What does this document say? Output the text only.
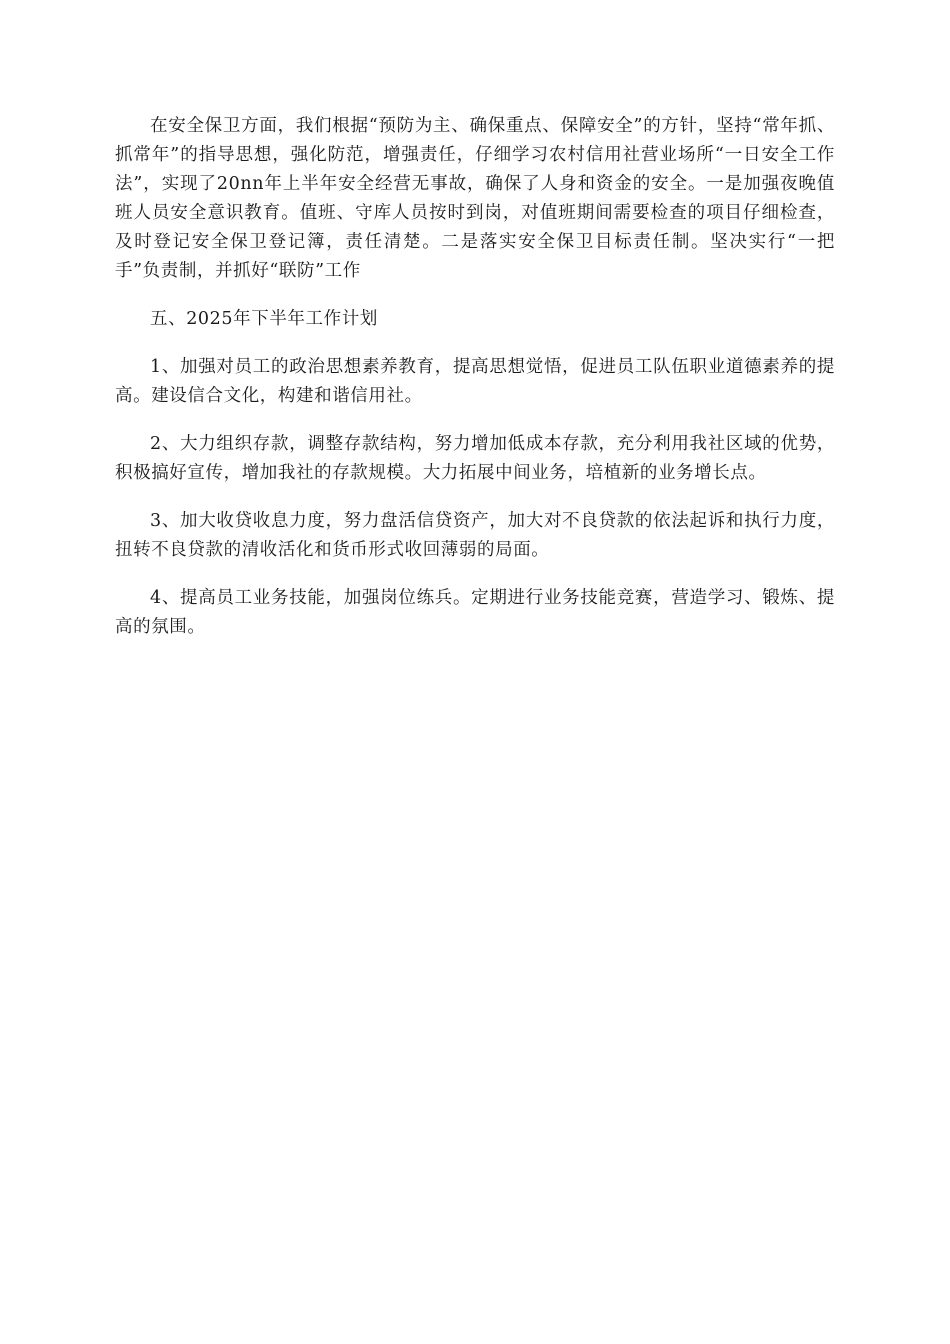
在安全保卫方面，我们根据“预防为主、确保重点、保障安全”的方针，坚持“常年抓、抓常年”的指导思想，强化防范，增强责任，仔细学习农村信用社营业场所“一日安全工作法”，实现了20nn年上半年安全经营无事故，确保了人身和资金的安全。一是加强夜晚值班人员安全意识教育。值班、守库人员按时到岗，对值班期间需要检查的项目仔细检查，及时登记安全保卫登记簿，责任清楚。二是落实安全保卫目标责任制。坚决实行“一把手”负责制，并抓好“联防”工作

五、2025年下半年工作计划

1、加强对员工的政治思想素养教育，提高思想觉悟，促进员工队伍职业道德素养的提高。建设信合文化，构建和谐信用社。

2、大力组织存款，调整存款结构，努力增加低成本存款，充分利用我社区域的优势，积极搞好宣传，增加我社的存款规模。大力拓展中间业务，培植新的业务增长点。

3、加大收贷收息力度，努力盘活信贷资产，加大对不良贷款的依法起诉和执行力度，扭转不良贷款的清收活化和货币形式收回薄弱的局面。

4、提高员工业务技能，加强岗位练兵。定期进行业务技能竞赛，营造学习、锻炼、提高的氛围。
